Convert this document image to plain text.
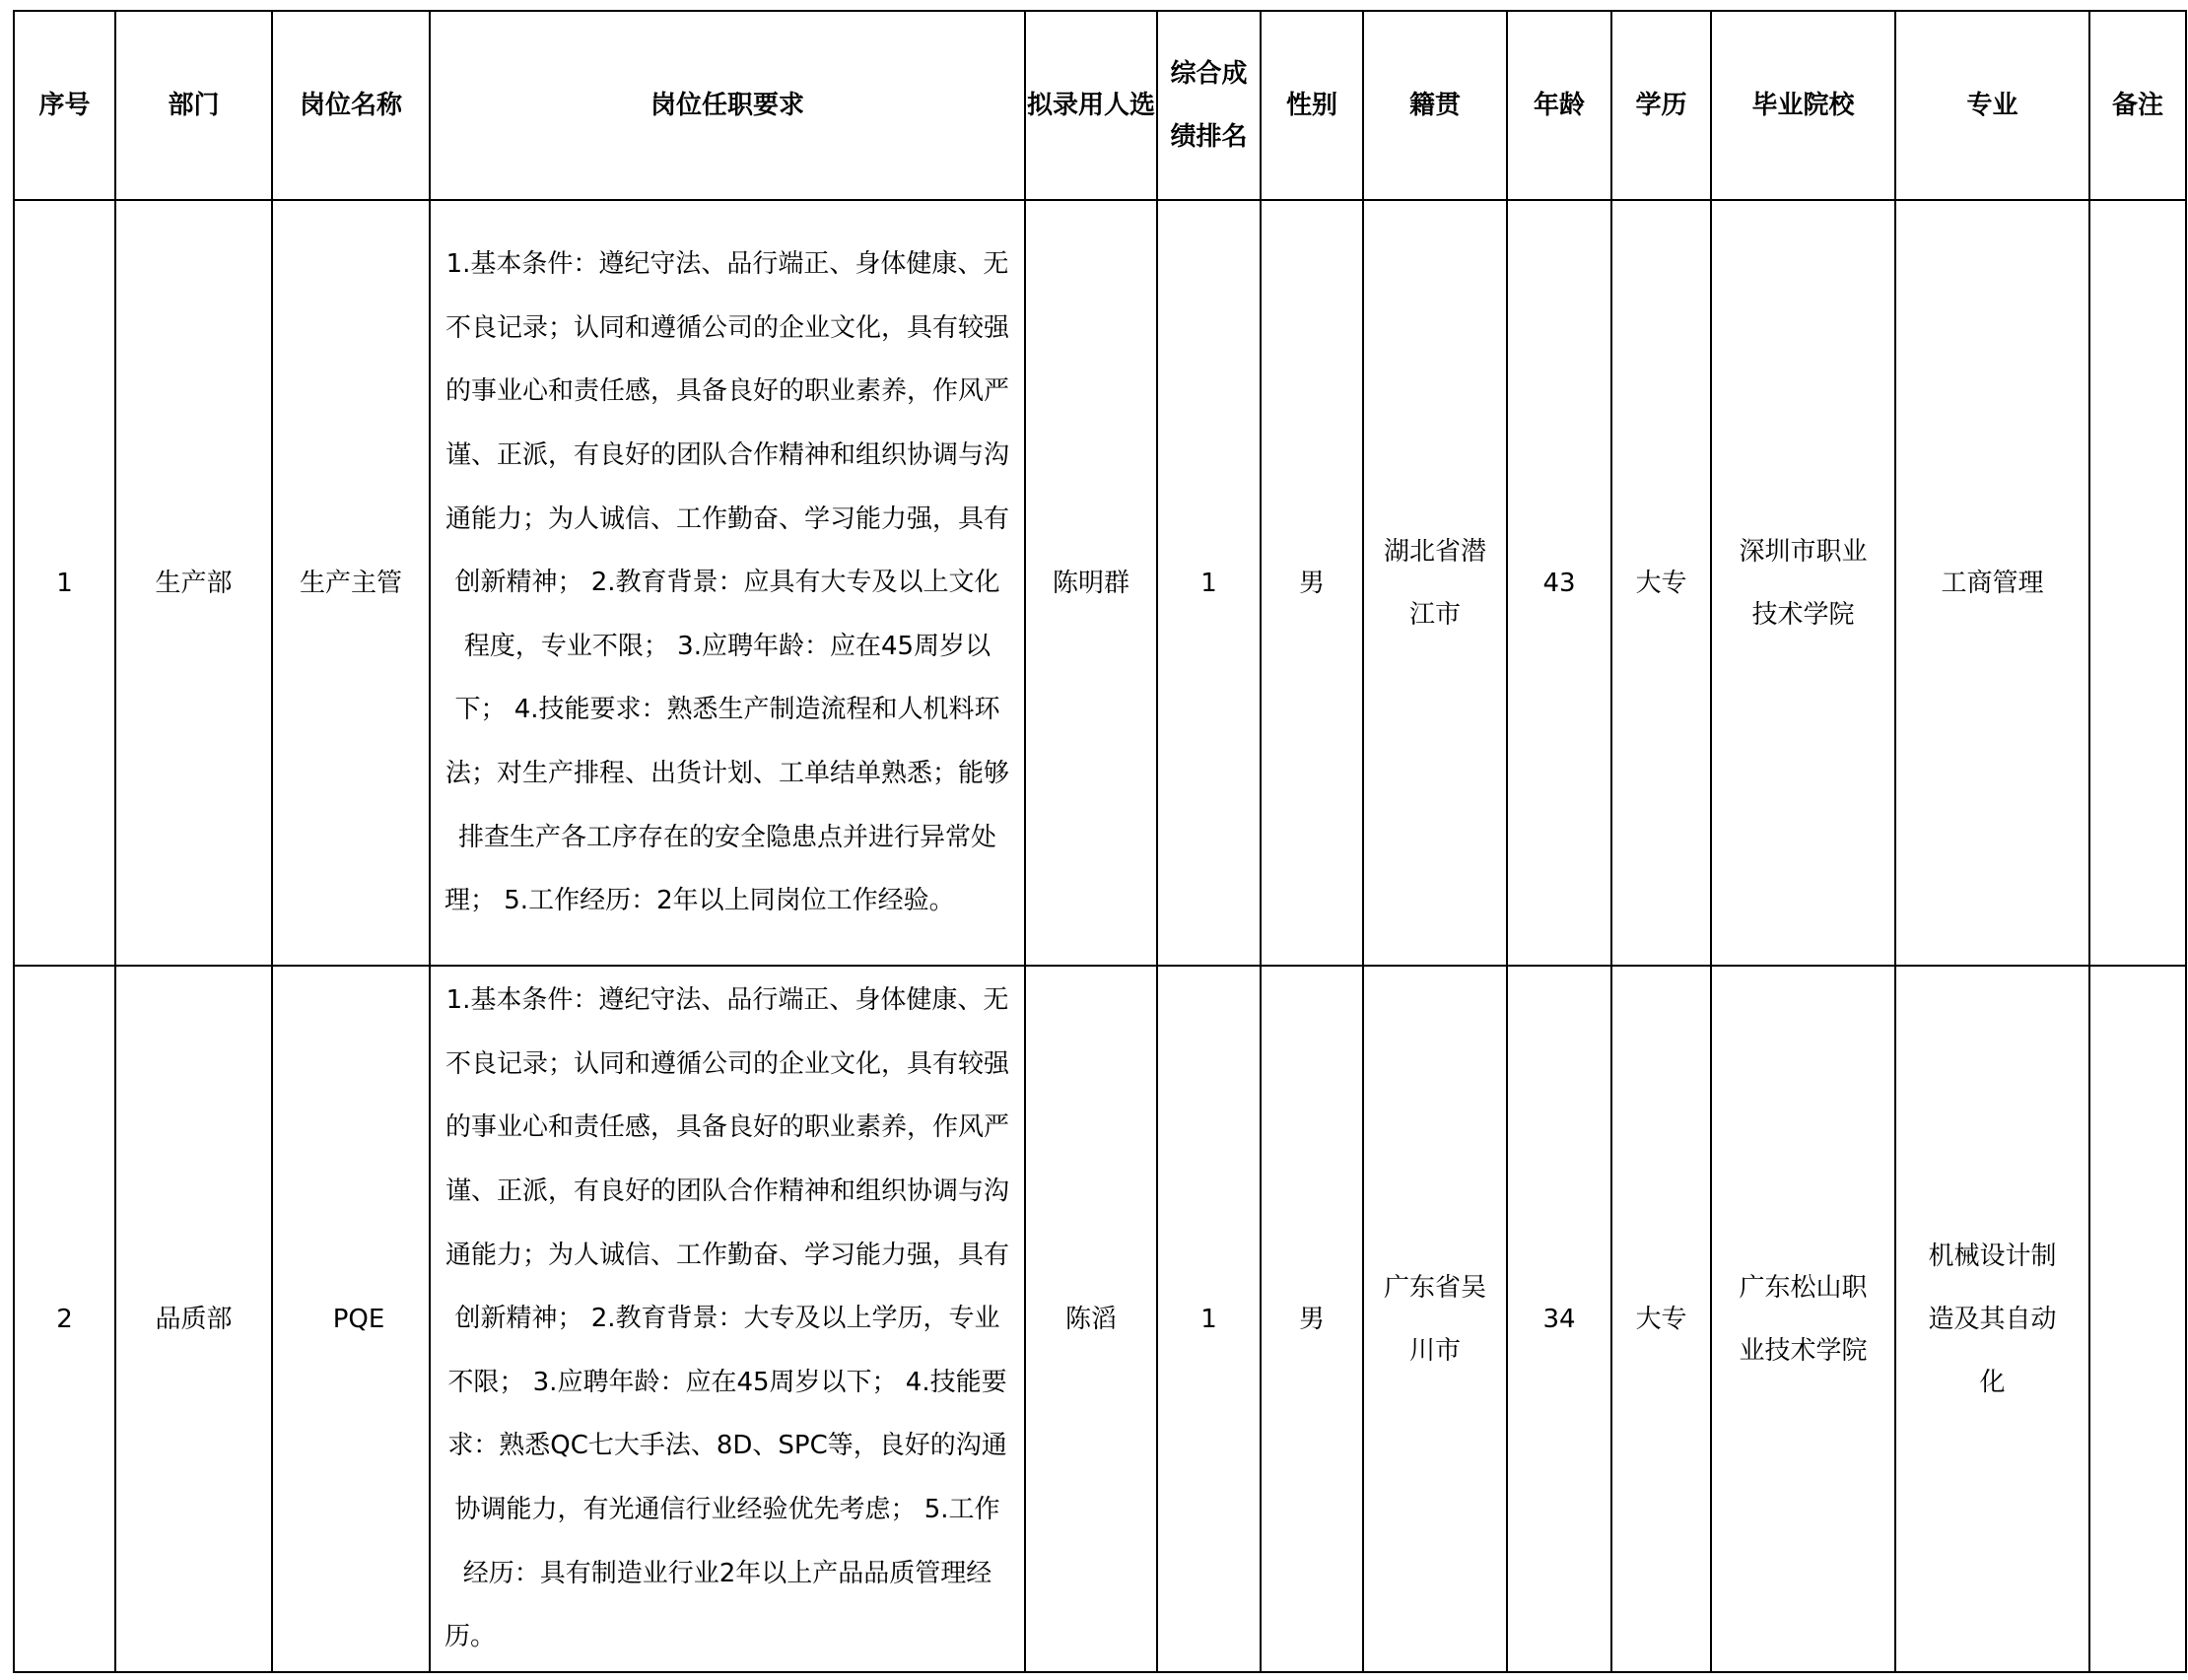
序号	部门	岗位名称	岗位任职要求	拟录用人选	综合成绩排名	性别	籍贯	年龄	学历	毕业院校	专业	备注
1	生产部	生产主管	1.基本条件：遵纪守法、品行端正、身体健康、无不良记录；认同和遵循公司的企业文化，具有较强的事业心和责任感，具备良好的职业素养，作风严谨、正派，有良好的团队合作精神和组织协调与沟通能力；为人诚信、工作勤奋、学习能力强，具有创新精神； 2.教育背景：应具有大专及以上文化程度，专业不限； 3.应聘年龄：应在45周岁以下； 4.技能要求：熟悉生产制造流程和人机料环法；对生产排程、出货计划、工单结单熟悉；能够排查生产各工序存在的安全隐患点并进行异常处理； 5.工作经历：2年以上同岗位工作经验。	陈明群	1	男	湖北省潜江市	43	大专	深圳市职业技术学院	工商管理	
2	品质部	PQE	1.基本条件：遵纪守法、品行端正、身体健康、无不良记录；认同和遵循公司的企业文化，具有较强的事业心和责任感，具备良好的职业素养，作风严谨、正派，有良好的团队合作精神和组织协调与沟通能力；为人诚信、工作勤奋、学习能力强，具有创新精神； 2.教育背景：大专及以上学历，专业不限； 3.应聘年龄：应在45周岁以下； 4.技能要求：熟悉QC七大手法、8D、SPC等，良好的沟通协调能力，有光通信行业经验优先考虑； 5.工作经历：具有制造业行业2年以上产品品质管理经历。	陈滔	1	男	广东省吴川市	34	大专	广东松山职业技术学院	机械设计制造及其自动化	
